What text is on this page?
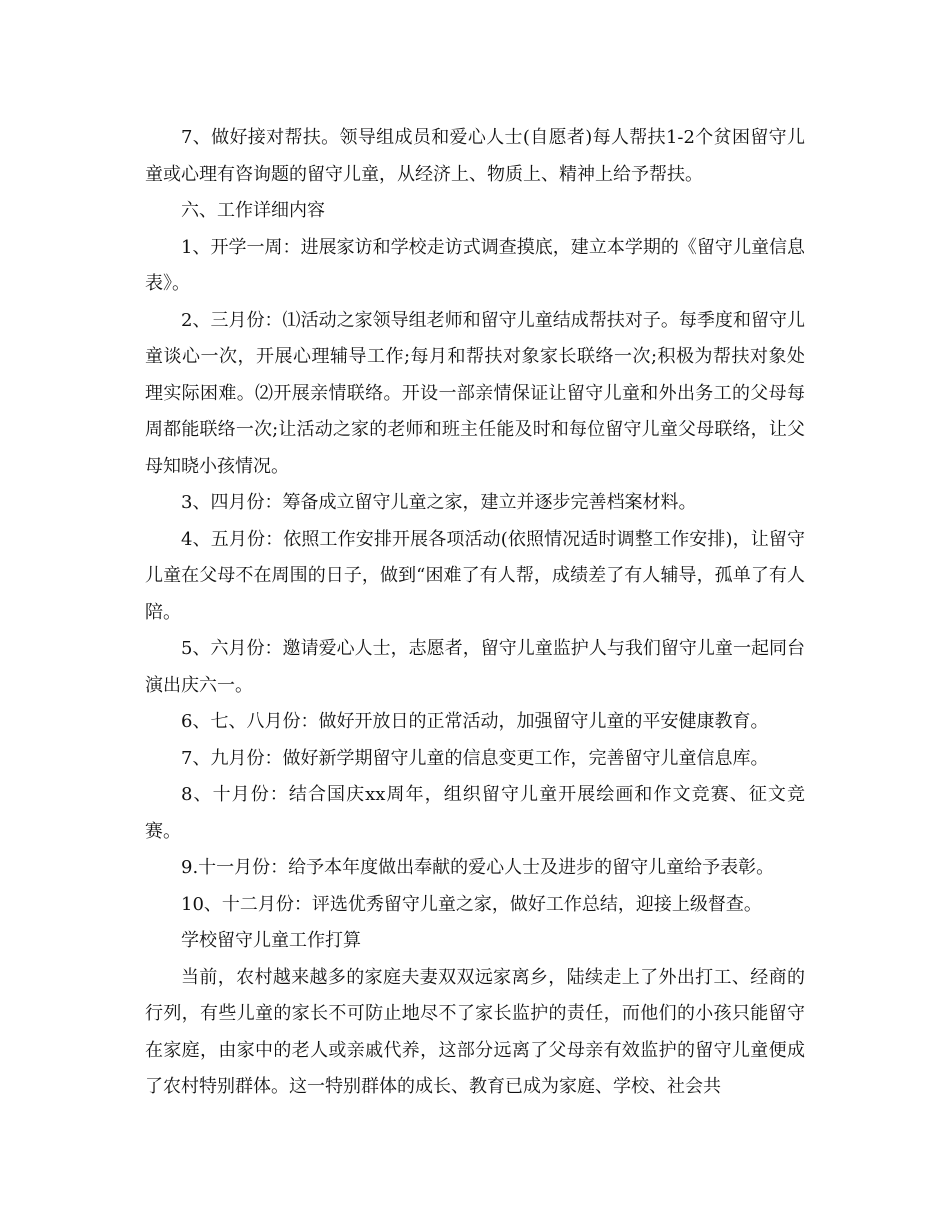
7、做好接对帮扶。领导组成员和爱心人士(自愿者)每人帮扶1-2个贫困留守儿童或心理有咨询题的留守儿童，从经济上、物质上、精神上给予帮扶。

六、工作详细内容

1、开学一周：进展家访和学校走访式调查摸底，建立本学期的《留守儿童信息表》。

2、三月份：⑴活动之家领导组老师和留守儿童结成帮扶对子。每季度和留守儿童谈心一次，开展心理辅导工作;每月和帮扶对象家长联络一次;积极为帮扶对象处理实际困难。⑵开展亲情联络。开设一部亲情保证让留守儿童和外出务工的父母每周都能联络一次;让活动之家的老师和班主任能及时和每位留守儿童父母联络，让父母知晓小孩情况。

3、四月份：筹备成立留守儿童之家，建立并逐步完善档案材料。

4、五月份：依照工作安排开展各项活动(依照情况适时调整工作安排)，让留守儿童在父母不在周围的日子，做到“困难了有人帮，成绩差了有人辅导，孤单了有人陪。

5、六月份：邀请爱心人士，志愿者，留守儿童监护人与我们留守儿童一起同台演出庆六一。

6、七、八月份：做好开放日的正常活动，加强留守儿童的平安健康教育。

7、九月份：做好新学期留守儿童的信息变更工作，完善留守儿童信息库。

8、十月份：结合国庆xx周年，组织留守儿童开展绘画和作文竞赛、征文竞赛。

9.十一月份：给予本年度做出奉献的爱心人士及进步的留守儿童给予表彰。

10、十二月份：评选优秀留守儿童之家，做好工作总结，迎接上级督查。

学校留守儿童工作打算

当前，农村越来越多的家庭夫妻双双远家离乡，陆续走上了外出打工、经商的行列，有些儿童的家长不可防止地尽不了家长监护的责任，而他们的小孩只能留守在家庭，由家中的老人或亲戚代养，这部分远离了父母亲有效监护的留守儿童便成了农村特别群体。这一特别群体的成长、教育已成为家庭、学校、社会共
